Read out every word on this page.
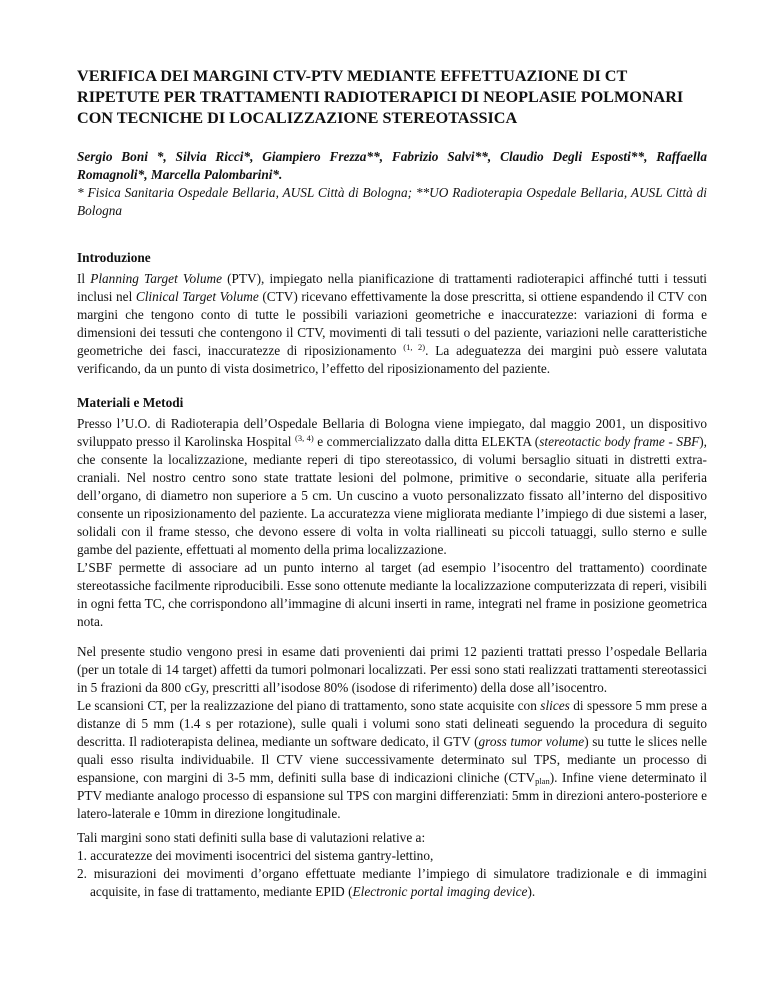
VERIFICA DEI MARGINI CTV-PTV MEDIANTE EFFETTUAZIONE DI CT RIPETUTE PER TRATTAMENTI RADIOTERAPICI DI NEOPLASIE POLMONARI CON TECNICHE DI LOCALIZZAZIONE STEREOTASSICA

Sergio Boni *, Silvia Ricci*, Giampiero Frezza**, Fabrizio Salvi**, Claudio Degli Esposti**, Raffaella Romagnoli*, Marcella Palombarini*.

* Fisica Sanitaria Ospedale Bellaria, AUSL Città di Bologna; **UO Radioterapia Ospedale Bellaria, AUSL Città di Bologna

Introduzione

Il Planning Target Volume (PTV), impiegato nella pianificazione di trattamenti radioterapici affinché tutti i tessuti inclusi nel Clinical Target Volume (CTV) ricevano effettivamente la dose prescritta, si ottiene espandendo il CTV con margini che tengono conto di tutte le possibili variazioni geometriche e inaccuratezze: variazioni di forma e dimensioni dei tessuti che contengono il CTV, movimenti di tali tessuti o del paziente, variazioni nelle caratteristiche geometriche dei fasci, inaccuratezze di riposizionamento $^{(1, 2)}$. La adeguatezza dei margini può essere valutata verificando, da un punto di vista dosimetrico, l’effetto del riposizionamento del paziente.

Materiali e Metodi

Presso l’U.O. di Radioterapia dell’Ospedale Bellaria di Bologna viene impiegato, dal maggio 2001, un dispositivo sviluppato presso il Karolinska Hospital $^{(3, 4)}$ e commercializzato dalla ditta ELEKTA (stereotactic body frame - SBF), che consente la localizzazione, mediante reperi di tipo stereotassico, di volumi bersaglio situati in distretti extra-craniali. Nel nostro centro sono state trattate lesioni del polmone, primitive o secondarie, situate alla periferia dell’organo, di diametro non superiore a 5 cm. Un cuscino a vuoto personalizzato fissato all’interno del dispositivo consente un riposizionamento del paziente. La accuratezza viene migliorata mediante l’impiego di due sistemi a laser, solidali con il frame stesso, che devono essere di volta in volta riallineati su piccoli tatuaggi, sullo sterno e sulle gambe del paziente, effettuati al momento della prima localizzazione.

L’SBF permette di associare ad un punto interno al target (ad esempio l’isocentro del trattamento) coordinate stereotassiche facilmente riproducibili. Esse sono ottenute mediante la localizzazione computerizzata di reperi, visibili in ogni fetta TC, che corrispondono all’immagine di alcuni inserti in rame, integrati nel frame in posizione geometrica nota.

Nel presente studio vengono presi in esame dati provenienti dai primi 12 pazienti trattati presso l’ospedale Bellaria (per un totale di 14 target) affetti da tumori polmonari localizzati. Per essi sono stati realizzati trattamenti stereotassici in 5 frazioni da 800 cGy, prescritti all’isodose 80% (isodose di riferimento) della dose all’isocentro.

Le scansioni CT, per la realizzazione del piano di trattamento, sono state acquisite con slices di spessore 5 mm prese a distanze di 5 mm (1.4 s per rotazione), sulle quali i volumi sono stati delineati seguendo la procedura di seguito descritta. Il radioterapista delinea, mediante un software dedicato, il GTV (gross tumor volume) su tutte le slices nelle quali esso risulta individuabile. Il CTV viene successivamente determinato sul TPS, mediante un processo di espansione, con margini di 3-5 mm, definiti sulla base di indicazioni cliniche $(CTV_{plan})$. Infine viene determinato il PTV mediante analogo processo di espansione sul TPS con margini differenziati: 5mm in direzioni antero-posteriore e latero-laterale e 10mm in direzione longitudinale.

Tali margini sono stati definiti sulla base di valutazioni relative a:

1. accuratezze dei movimenti isocentrici del sistema gantry-lettino,
2. misurazioni dei movimenti d’organo effettuate mediante l’impiego di simulatore tradizionale e di immagini acquisite, in fase di trattamento, mediante EPID (Electronic portal imaging device).
